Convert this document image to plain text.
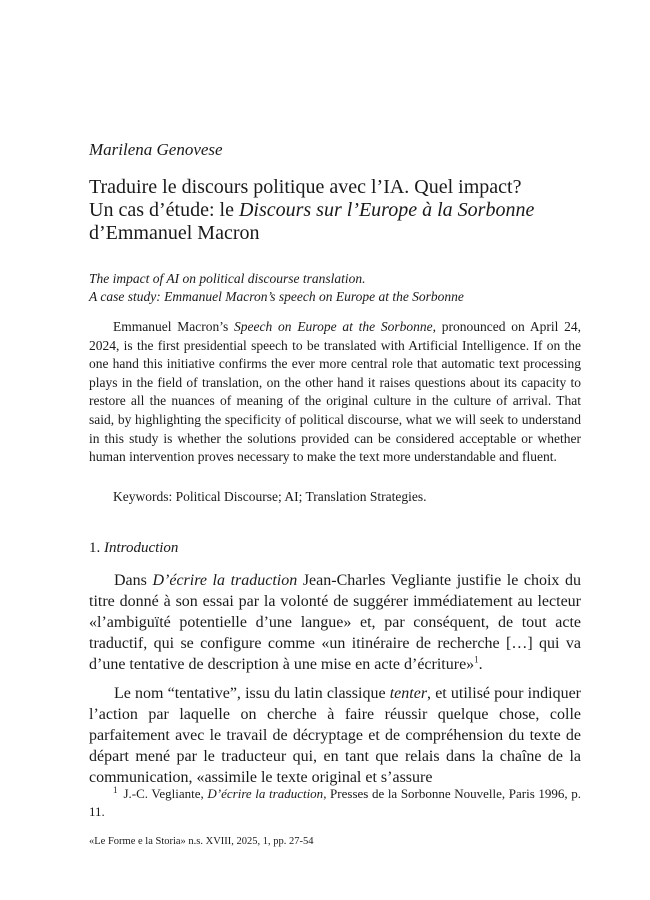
Marilena Genovese
Traduire le discours politique avec l’IA. Quel impact?
Un cas d’étude: le Discours sur l’Europe à la Sorbonne
d’Emmanuel Macron
The impact of AI on political discourse translation.
A case study: Emmanuel Macron’s speech on Europe at the Sorbonne

Emmanuel Macron’s Speech on Europe at the Sorbonne, pronounced on April 24, 2024, is the first presidential speech to be translated with Artificial Intelligence. If on the one hand this initiative confirms the ever more central role that automatic text processing plays in the field of translation, on the other hand it raises questions about its capacity to restore all the nuances of meaning of the original culture in the culture of arrival. That said, by highlighting the specificity of political discourse, what we will seek to understand in this study is whether the solutions provided can be considered acceptable or whether human intervention proves necessary to make the text more understandable and fluent.

Keywords: Political Discourse; AI; Translation Strategies.
1. Introduction

Dans D’écrire la traduction Jean-Charles Vegliante justifie le choix du titre donné à son essai par la volonté de suggérer immédiatement au lecteur «l’ambiguïté potentielle d’une langue» et, par conséquent, de tout acte traductif, qui se configure comme «un itinéraire de recherche […] qui va d’une tentative de description à une mise en acte d’écriture»$^1$.

Le nom “tentative”, issu du latin classique tenter, et utilisé pour indiquer l’action par laquelle on cherche à faire réussir quelque chose, colle parfaitement avec le travail de décryptage et de compréhension du texte de départ mené par le traducteur qui, en tant que relais dans la chaîne de la communication, «assimile le texte original et s’assure

$^1$ J.-C. Vegliante, D’écrire la traduction, Presses de la Sorbonne Nouvelle, Paris 1996, p. 11.

«Le Forme e la Storia» n.s. XVIII, 2025, 1, pp. 27-54
